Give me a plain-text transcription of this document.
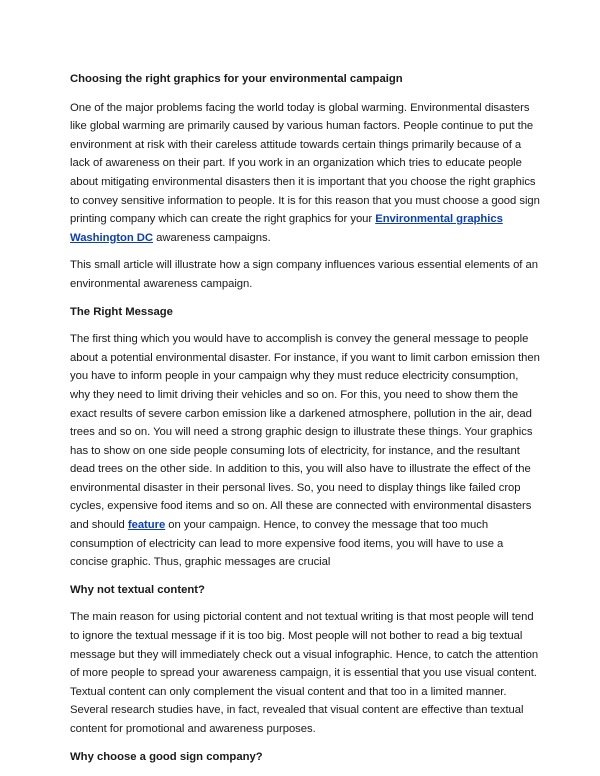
Choosing the right graphics for your environmental campaign

One of the major problems facing the world today is global warming. Environmental disasters like global warming are primarily caused by various human factors. People continue to put the environment at risk with their careless attitude towards certain things primarily because of a lack of awareness on their part. If you work in an organization which tries to educate people about mitigating environmental disasters then it is important that you choose the right graphics to convey sensitive information to people. It is for this reason that you must choose a good sign printing company which can create the right graphics for your Environmental graphics Washington DC awareness campaigns.

This small article will illustrate how a sign company influences various essential elements of an environmental awareness campaign.

The Right Message

The first thing which you would have to accomplish is convey the general message to people about a potential environmental disaster. For instance, if you want to limit carbon emission then you have to inform people in your campaign why they must reduce electricity consumption, why they need to limit driving their vehicles and so on. For this, you need to show them the exact results of severe carbon emission like a darkened atmosphere, pollution in the air, dead trees and so on. You will need a strong graphic design to illustrate these things. Your graphics has to show on one side people consuming lots of electricity, for instance, and the resultant dead trees on the other side. In addition to this, you will also have to illustrate the effect of the environmental disaster in their personal lives. So, you need to display things like failed crop cycles, expensive food items and so on. All these are connected with environmental disasters and should feature on your campaign. Hence, to convey the message that too much consumption of electricity can lead to more expensive food items, you will have to use a concise graphic. Thus, graphic messages are crucial

Why not textual content?

The main reason for using pictorial content and not textual writing is that most people will tend to ignore the textual message if it is too big. Most people will not bother to read a big textual message but they will immediately check out a visual infographic. Hence, to catch the attention of more people to spread your awareness campaign, it is essential that you use visual content. Textual content can only complement the visual content and that too in a limited manner. Several research studies have, in fact, revealed that visual content are effective than textual content for promotional and awareness purposes.

Why choose a good sign company?
